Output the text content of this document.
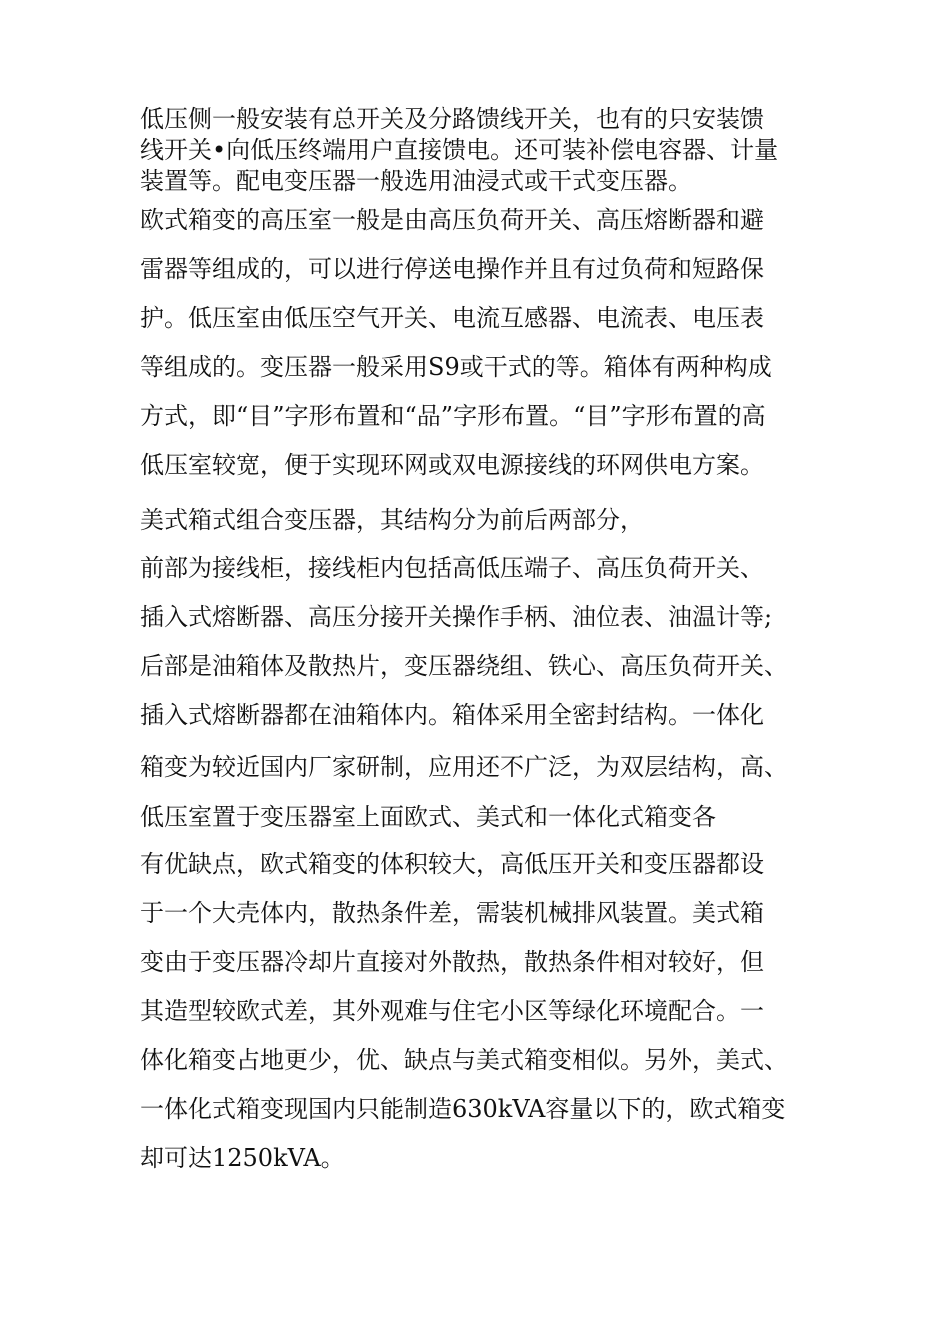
低压侧一般安装有总开关及分路馈线开关，也有的只安装馈

线开关•向低压终端用户直接馈电。还可装补偿电容器、计量

装置等。配电变压器一般选用油浸式或干式变压器。

欧式箱变的高压室一般是由高压负荷开关、高压熔断器和避

雷器等组成的，可以进行停送电操作并且有过负荷和短路保

护。低压室由低压空气开关、电流互感器、电流表、电压表

等组成的。变压器一般采用S9或干式的等。箱体有两种构成

方式，即“目”字形布置和“品”字形布置。“目”字形布置的高

低压室较宽，便于实现环网或双电源接线的环网供电方案。

美式箱式组合变压器，其结构分为前后两部分，

前部为接线柜，接线柜内包括高低压端子、高压负荷开关、

插入式熔断器、高压分接开关操作手柄、油位表、油温计等;

后部是油箱体及散热片，变压器绕组、铁心、高压负荷开关、

插入式熔断器都在油箱体内。箱体采用全密封结构。一体化

箱变为较近国内厂家研制，应用还不广泛，为双层结构，高、

低压室置于变压器室上面欧式、美式和一体化式箱变各

有优缺点，欧式箱变的体积较大，高低压开关和变压器都设

于一个大壳体内，散热条件差，需装机械排风装置。美式箱

变由于变压器冷却片直接对外散热，散热条件相对较好，但

其造型较欧式差，其外观难与住宅小区等绿化环境配合。一

体化箱变占地更少，优、缺点与美式箱变相似。另外，美式、

一体化式箱变现国内只能制造630kVA容量以下的，欧式箱变

却可达1250kVA。
